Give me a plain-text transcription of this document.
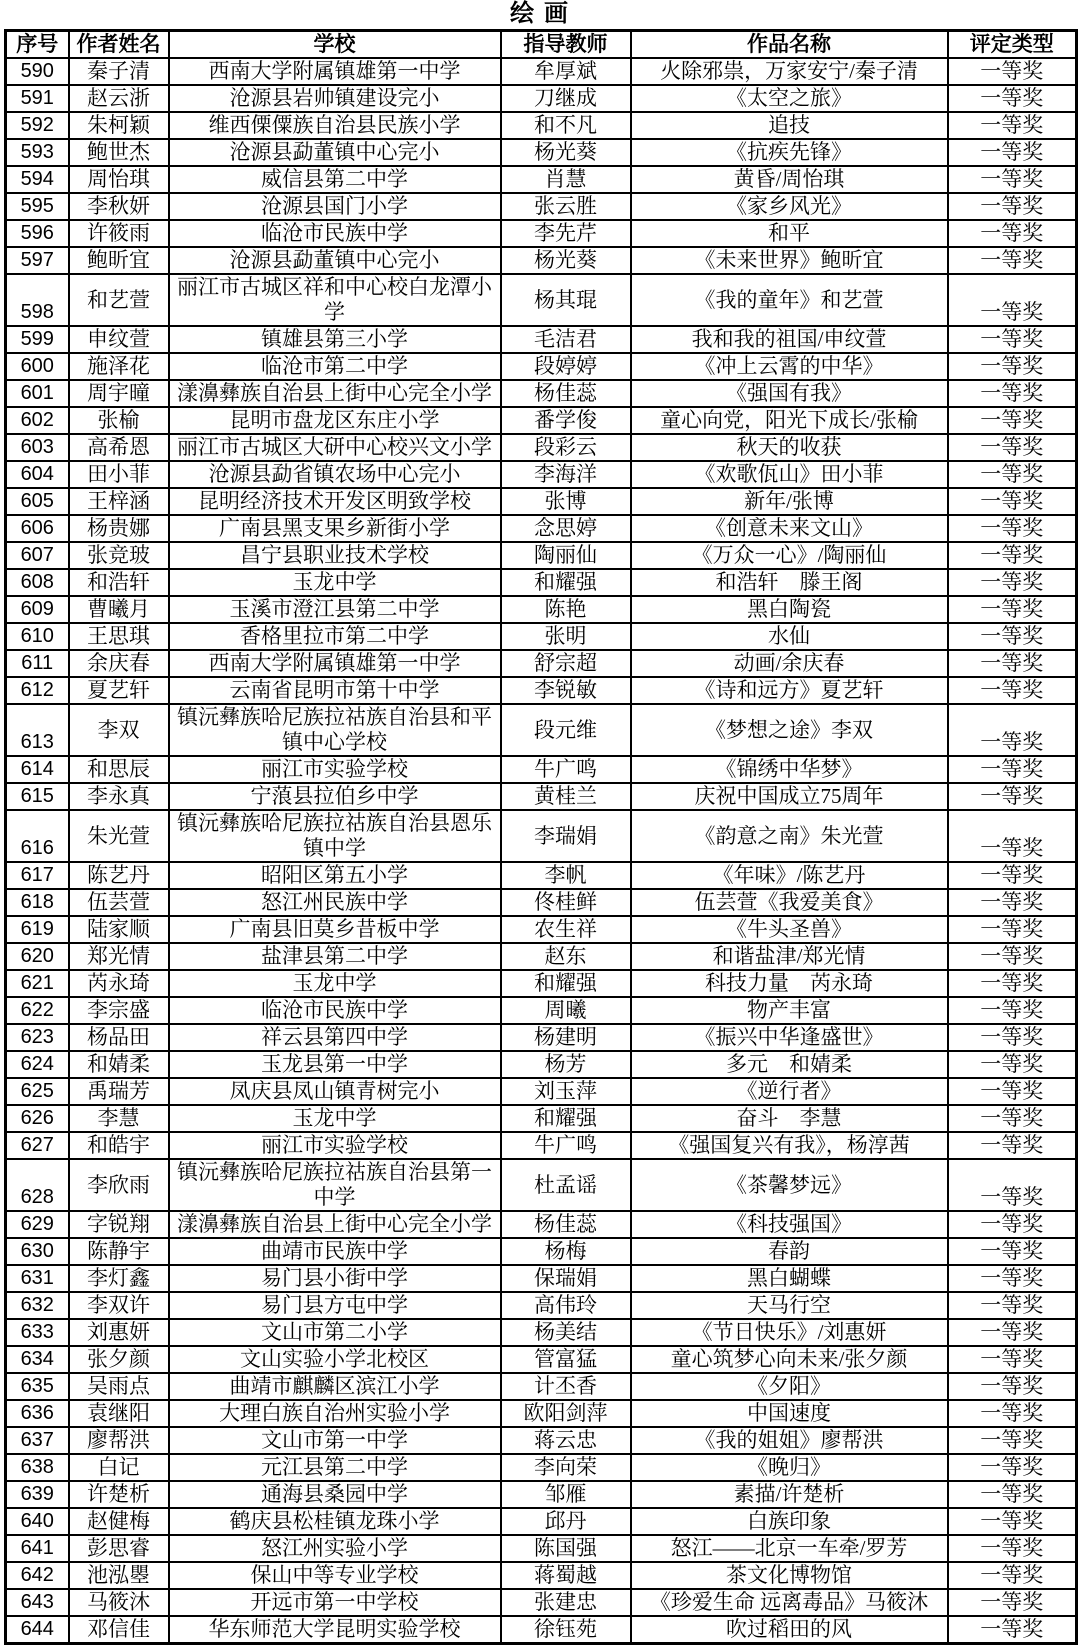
绘 画
序号	作者姓名	学校	指导教师	作品名称	评定类型
590	秦子清	西南大学附属镇雄第一中学	牟厚斌	火除邪祟，万家安宁/秦子清	一等奖
591	赵云浙	沧源县岩帅镇建设完小	刀继成	《太空之旅》	一等奖
592	朱柯颖	维西傈僳族自治县民族小学	和不凡	追技	一等奖
593	鲍世杰	沧源县勐董镇中心完小	杨光葵	《抗疾先锋》	一等奖
594	周怡琪	威信县第二中学	肖慧	黄昏/周怡琪	一等奖
595	李秋妍	沧源县国门小学	张云胜	《家乡风光》	一等奖
596	许筱雨	临沧市民族中学	李先芹	和平	一等奖
597	鲍昕宜	沧源县勐董镇中心完小	杨光葵	《未来世界》鲍昕宜	一等奖
598	和艺萱	丽江市古城区祥和中心校白龙潭小学	杨其琨	《我的童年》和艺萱	一等奖
599	申纹萱	镇雄县第三小学	毛洁君	我和我的祖国/申纹萱	一等奖
600	施泽花	临沧市第二中学	段婷婷	《冲上云霄的中华》	一等奖
601	周宇曈	漾濞彝族自治县上街中心完全小学	杨佳蕊	《强国有我》	一等奖
602	张榆	昆明市盘龙区东庄小学	番学俊	童心向党，阳光下成长/张榆	一等奖
603	高希恩	丽江市古城区大研中心校兴文小学	段彩云	秋天的收获	一等奖
604	田小菲	沧源县勐省镇农场中心完小	李海洋	《欢歌佤山》田小菲	一等奖
605	王梓涵	昆明经济技术开发区明致学校	张博	新年/张博	一等奖
606	杨贵娜	广南县黑支果乡新街小学	念思婷	《创意未来文山》	一等奖
607	张竞玻	昌宁县职业技术学校	陶丽仙	《万众一心》/陶丽仙	一等奖
608	和浩轩	玉龙中学	和耀强	和浩轩　滕王阁	一等奖
609	曹曦月	玉溪市澄江县第二中学	陈艳	黑白陶瓷	一等奖
610	王思琪	香格里拉市第二中学	张明	水仙	一等奖
611	余庆春	西南大学附属镇雄第一中学	舒宗超	动画/余庆春	一等奖
612	夏艺轩	云南省昆明市第十中学	李锐敏	《诗和远方》夏艺轩	一等奖
613	李双	镇沅彝族哈尼族拉祜族自治县和平镇中心学校	段元维	《梦想之途》李双	一等奖
614	和思辰	丽江市实验学校	牛广鸣	《锦绣中华梦》	一等奖
615	李永真	宁蒗县拉伯乡中学	黄桂兰	庆祝中国成立75周年	一等奖
616	朱光萱	镇沅彝族哈尼族拉祜族自治县恩乐镇中学	李瑞娟	《韵意之南》朱光萱	一等奖
617	陈艺丹	昭阳区第五小学	李帆	《年味》/陈艺丹	一等奖
618	伍芸萱	怒江州民族中学	佟桂鲜	伍芸萱《我爱美食》	一等奖
619	陆家顺	广南县旧莫乡昔板中学	农生祥	《牛头圣兽》	一等奖
620	郑光情	盐津县第二中学	赵东	和谐盐津/郑光情	一等奖
621	芮永琦	玉龙中学	和耀强	科技力量　芮永琦	一等奖
622	李宗盛	临沧市民族中学	周曦	物产丰富	一等奖
623	杨品田	祥云县第四中学	杨建明	《振兴中华逢盛世》	一等奖
624	和婧柔	玉龙县第一中学	杨芳	多元　和婧柔	一等奖
625	禹瑞芳	凤庆县凤山镇青树完小	刘玉萍	《逆行者》	一等奖
626	李慧	玉龙中学	和耀强	奋斗　李慧	一等奖
627	和皓宇	丽江市实验学校	牛广鸣	《强国复兴有我》，杨淳茜	一等奖
628	李欣雨	镇沅彝族哈尼族拉祜族自治县第一中学	杜孟谣	《茶馨梦远》	一等奖
629	字锐翔	漾濞彝族自治县上街中心完全小学	杨佳蕊	《科技强国》	一等奖
630	陈静宇	曲靖市民族中学	杨梅	春韵	一等奖
631	李灯鑫	易门县小街中学	保瑞娟	黑白蝴蝶	一等奖
632	李双许	易门县方屯中学	高伟玲	天马行空	一等奖
633	刘惠妍	文山市第二小学	杨美结	《节日快乐》/刘惠妍	一等奖
634	张夕颜	文山实验小学北校区	管富猛	童心筑梦心向未来/张夕颜	一等奖
635	吴雨点	曲靖市麒麟区滨江小学	计丕香	《夕阳》	一等奖
636	袁继阳	大理白族自治州实验小学	欧阳剑萍	中国速度	一等奖
637	廖帮洪	文山市第一中学	蒋云忠	《我的姐姐》廖帮洪	一等奖
638	白记	元江县第二中学	李向荣	《晚归》	一等奖
639	许楚析	通海县桑园中学	邹雁	素描/许楚析	一等奖
640	赵健梅	鹤庆县松桂镇龙珠小学	邱丹	白族印象	一等奖
641	彭思睿	怒江州实验小学	陈国强	怒江——北京一车牵/罗芳	一等奖
642	池泓瞾	保山中等专业学校	蒋蜀越	茶文化博物馆	一等奖
643	马筱沐	开远市第一中学校	张建忠	《珍爱生命 远离毒品》马筱沐	一等奖
644	邓信佳	华东师范大学昆明实验学校	徐钰苑	吹过稻田的风	一等奖
